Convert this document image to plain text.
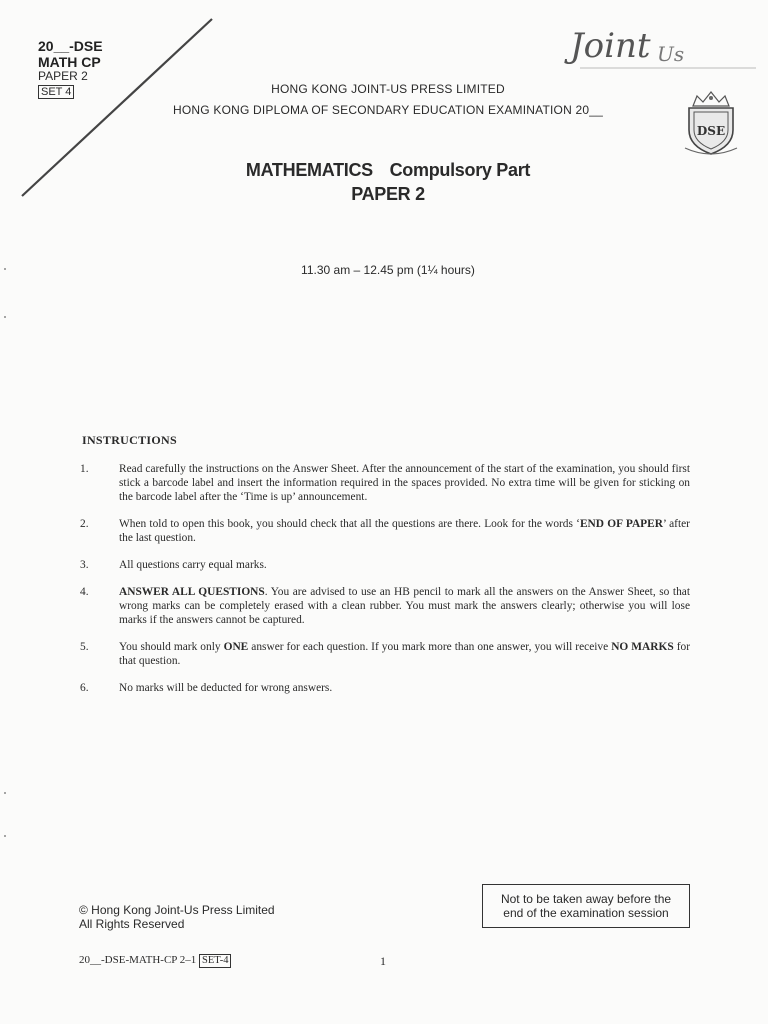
20__-DSE
MATH CP
PAPER 2
SET 4	HONG KONG JOINT-US PRESS LIMITED
HONG KONG DIPLOMA OF SECONDARY EDUCATION EXAMINATION 20__
Joint Us
DSE
MATHEMATICS Compulsory Part
PAPER 2
11.30 am – 12.45 pm (1¼ hours)
INSTRUCTIONS
1.	Read carefully the instructions on the Answer Sheet. After the announcement of the start of the examination, you should first stick a barcode label and insert the information required in the spaces provided. No extra time will be given for sticking on the barcode label after the ‘Time is up’ announcement.
2.	When told to open this book, you should check that all the questions are there. Look for the words ‘END OF PAPER’ after the last question.
3.	All questions carry equal marks.
4.	ANSWER ALL QUESTIONS. You are advised to use an HB pencil to mark all the answers on the Answer Sheet, so that wrong marks can be completely erased with a clean rubber. You must mark the answers clearly; otherwise you will lose marks if the answers cannot be captured.
5.	You should mark only ONE answer for each question. If you mark more than one answer, you will receive NO MARKS for that question.
6.	No marks will be deducted for wrong answers.
© Hong Kong Joint-Us Press Limited
All Rights Reserved
Not to be taken away before the
end of the examination session
20__-DSE-MATH-CP 2–1 SET-4	1
